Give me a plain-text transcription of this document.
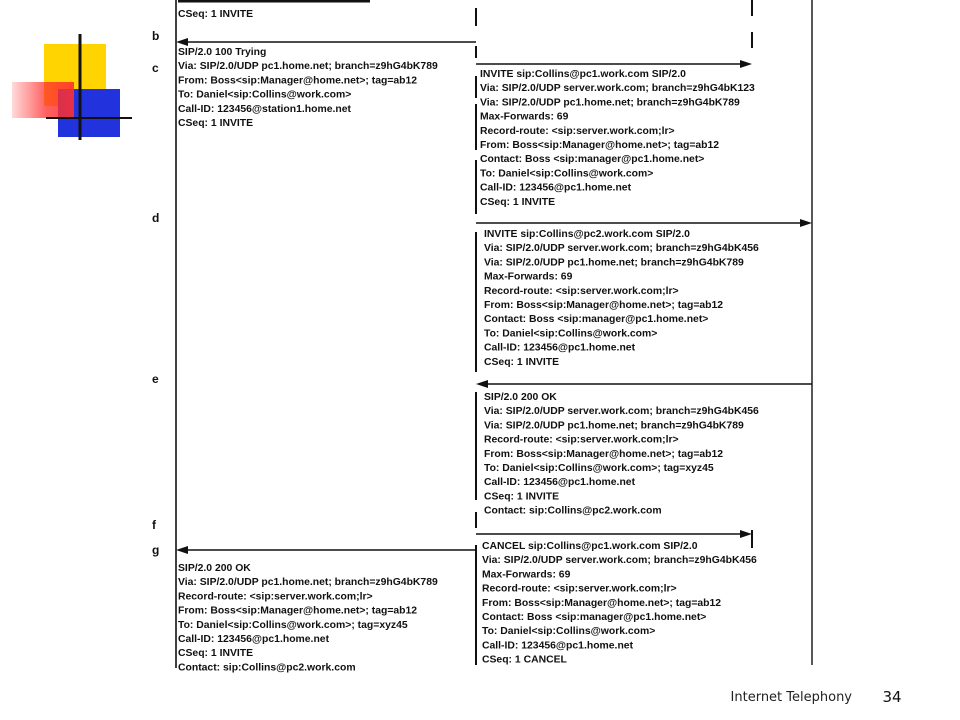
CSeq: 1 INVITE
SIP/2.0 100 Trying
Via: SIP/2.0/UDP pc1.home.net; branch=z9hG4bK789
From: Boss<sip:Manager@home.net>; tag=ab12
To: Daniel<sip:Collins@work.com>
Call-ID: 123456@station1.home.net
CSeq: 1 INVITE
INVITE sip:Collins@pc1.work.com SIP/2.0
Via: SIP/2.0/UDP server.work.com; branch=z9hG4bK123
Via: SIP/2.0/UDP pc1.home.net; branch=z9hG4bK789
Max-Forwards: 69
Record-route: <sip:server.work.com;lr>
From: Boss<sip:Manager@home.net>; tag=ab12
Contact: Boss <sip:manager@pc1.home.net>
To: Daniel<sip:Collins@work.com>
Call-ID: 123456@pc1.home.net
CSeq: 1 INVITE
INVITE sip:Collins@pc2.work.com SIP/2.0
Via: SIP/2.0/UDP server.work.com; branch=z9hG4bK456
Via: SIP/2.0/UDP pc1.home.net; branch=z9hG4bK789
Max-Forwards: 69
Record-route: <sip:server.work.com;lr>
From: Boss<sip:Manager@home.net>; tag=ab12
Contact: Boss <sip:manager@pc1.home.net>
To: Daniel<sip:Collins@work.com>
Call-ID: 123456@pc1.home.net
CSeq: 1 INVITE
SIP/2.0 200 OK
Via: SIP/2.0/UDP server.work.com; branch=z9hG4bK456
Via: SIP/2.0/UDP pc1.home.net; branch=z9hG4bK789
Record-route: <sip:server.work.com;lr>
From: Boss<sip:Manager@home.net>; tag=ab12
To: Daniel<sip:Collins@work.com>; tag=xyz45
Call-ID: 123456@pc1.home.net
CSeq: 1 INVITE
Contact: sip:Collins@pc2.work.com
CANCEL sip:Collins@pc1.work.com SIP/2.0
Via: SIP/2.0/UDP server.work.com; branch=z9hG4bK456
Max-Forwards: 69
Record-route: <sip:server.work.com;lr>
From: Boss<sip:Manager@home.net>; tag=ab12
Contact: Boss <sip:manager@pc1.home.net>
To: Daniel<sip:Collins@work.com>
Call-ID: 123456@pc1.home.net
CSeq: 1 CANCEL
SIP/2.0 200 OK
Via: SIP/2.0/UDP pc1.home.net; branch=z9hG4bK789
Record-route: <sip:server.work.com;lr>
From: Boss<sip:Manager@home.net>; tag=ab12
To: Daniel<sip:Collins@work.com>; tag=xyz45
Call-ID: 123456@pc1.home.net
CSeq: 1 INVITE
Contact: sip:Collins@pc2.work.com
b
c
d
e
f
g
Internet Telephony	34
